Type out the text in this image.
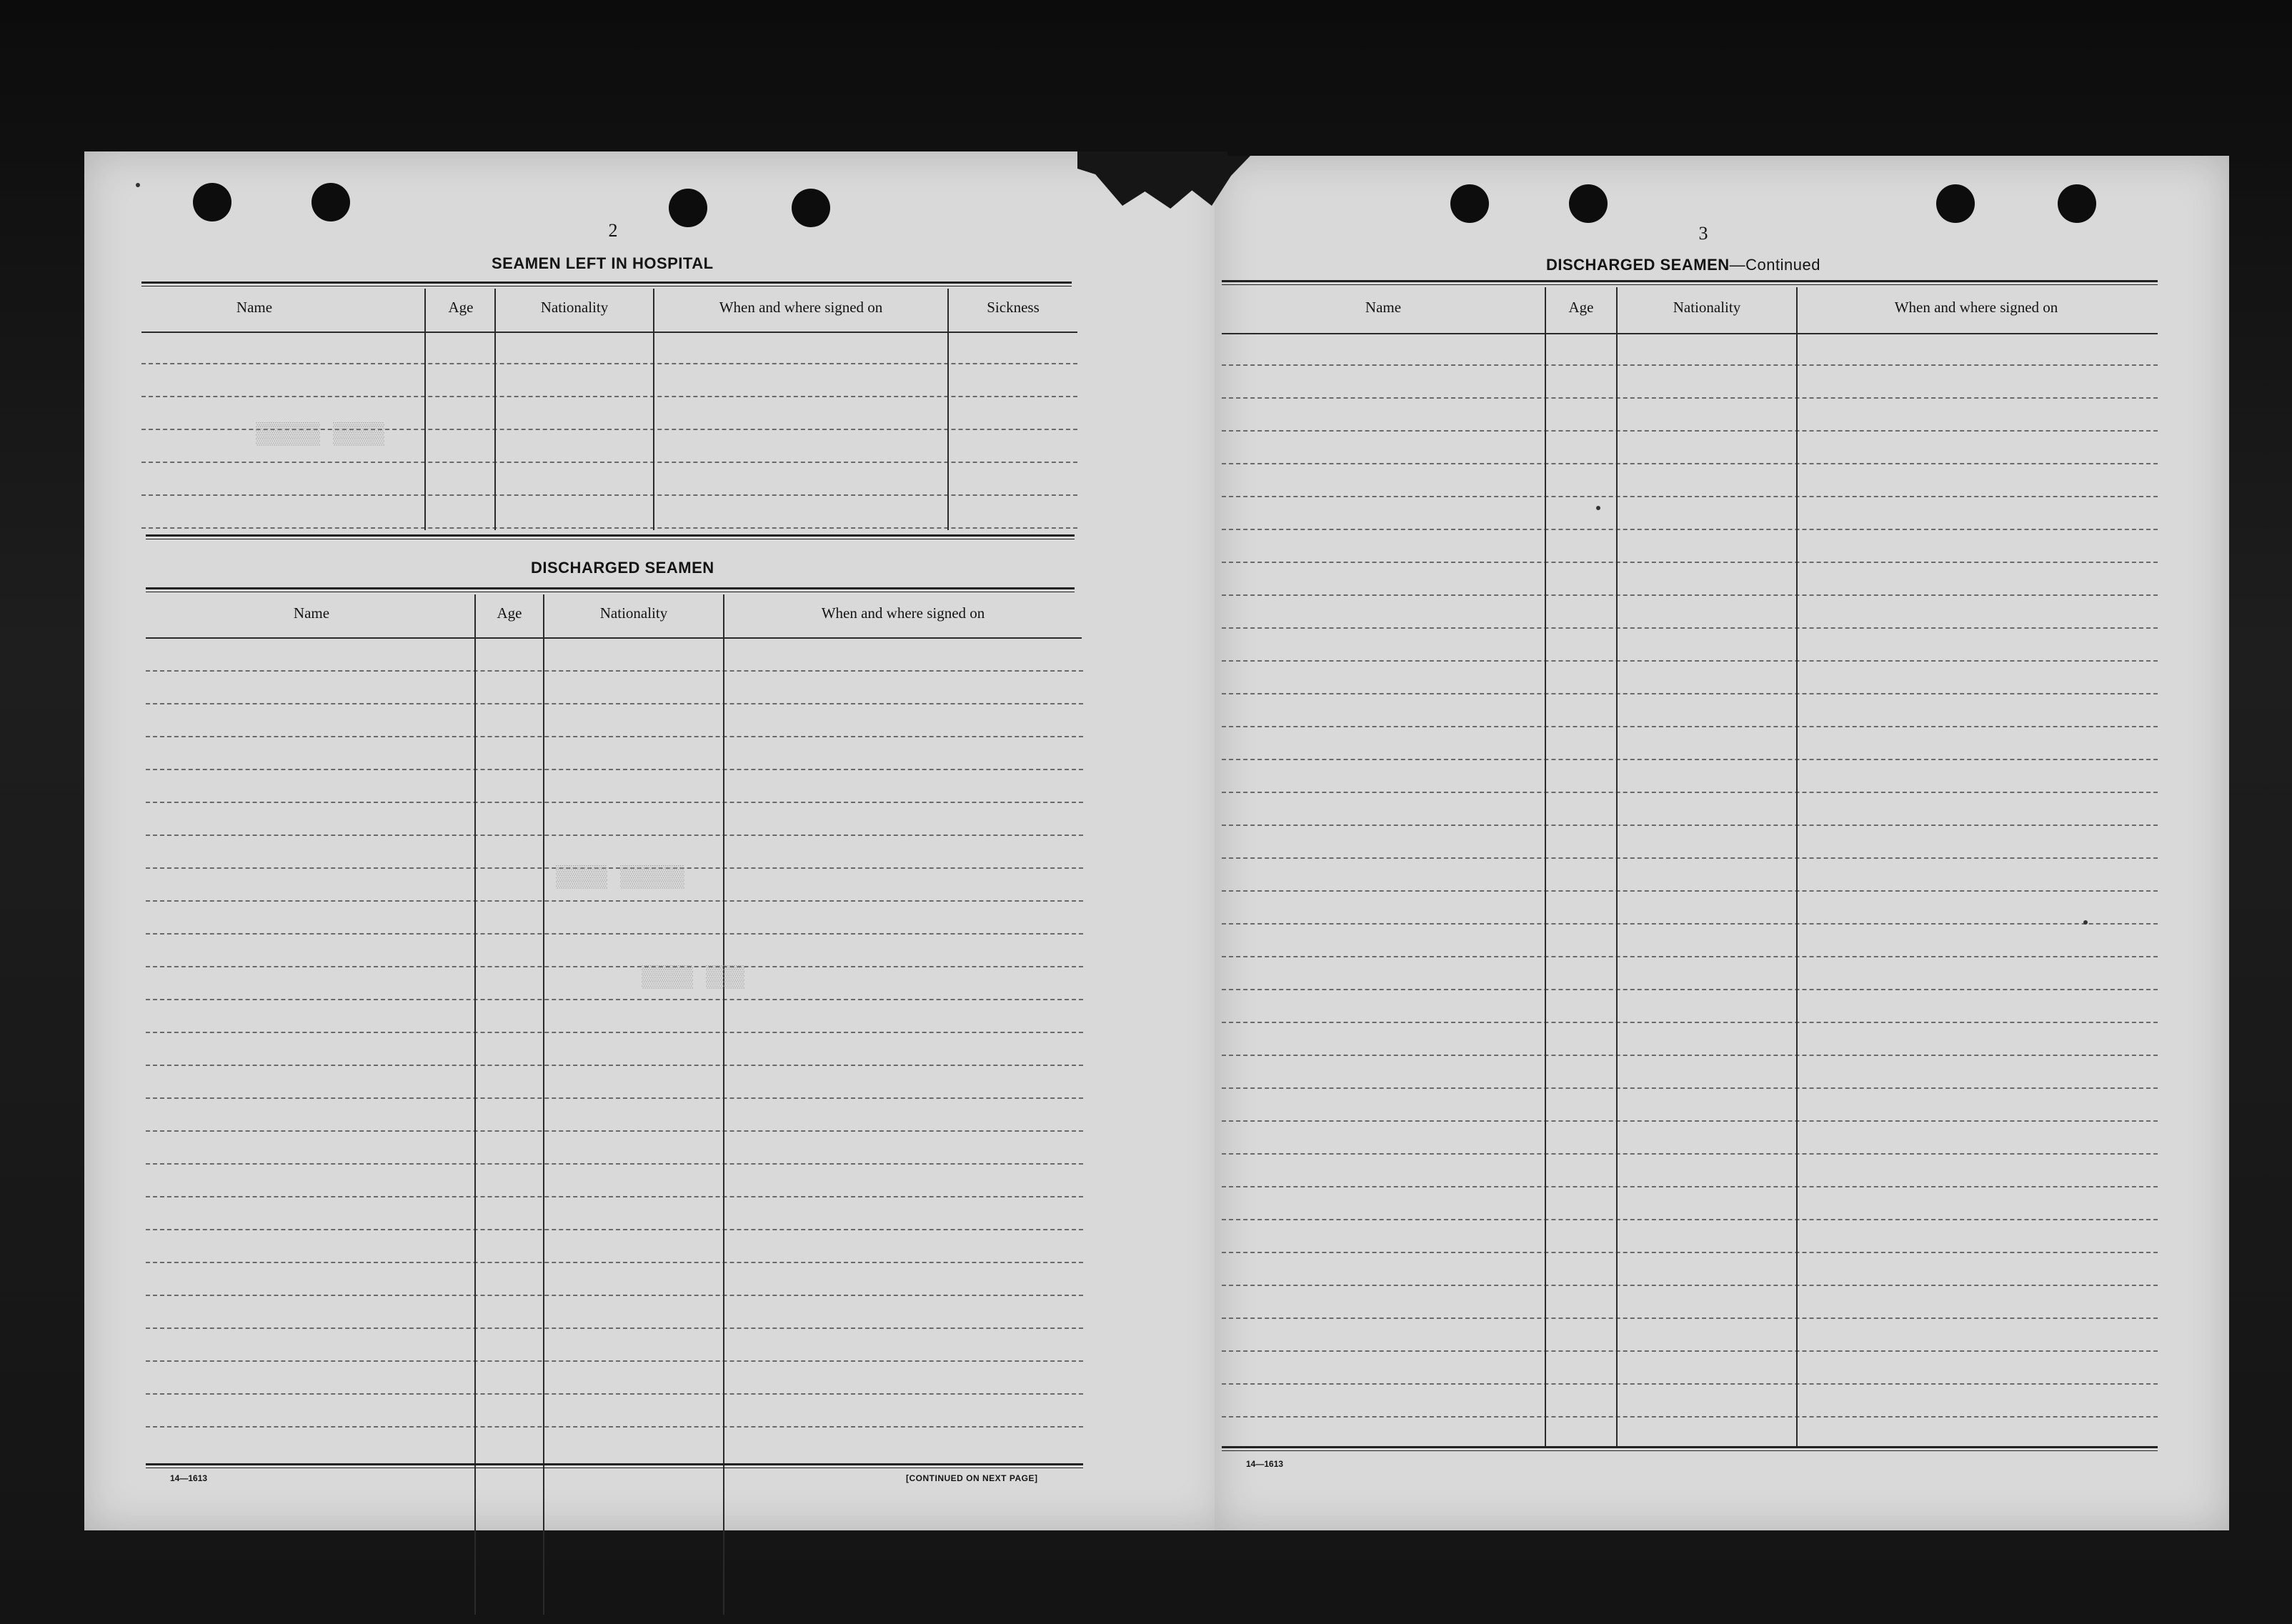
2
SEAMEN LEFT IN HOSPITAL
Name	Age	Nationality	When and where signed on	Sickness
DISCHARGED SEAMEN
Name	Age	Nationality	When and where signed on
14—1613	[CONTINUED ON NEXT PAGE]
▒▒▒▒ ▒▒▒▒▒
▒▒▒▒▒ ▒▒▒▒
▒▒▒ ▒▒▒▒
3
DISCHARGED SEAMEN—Continued
Name	Age	Nationality	When and where signed on
14—1613
